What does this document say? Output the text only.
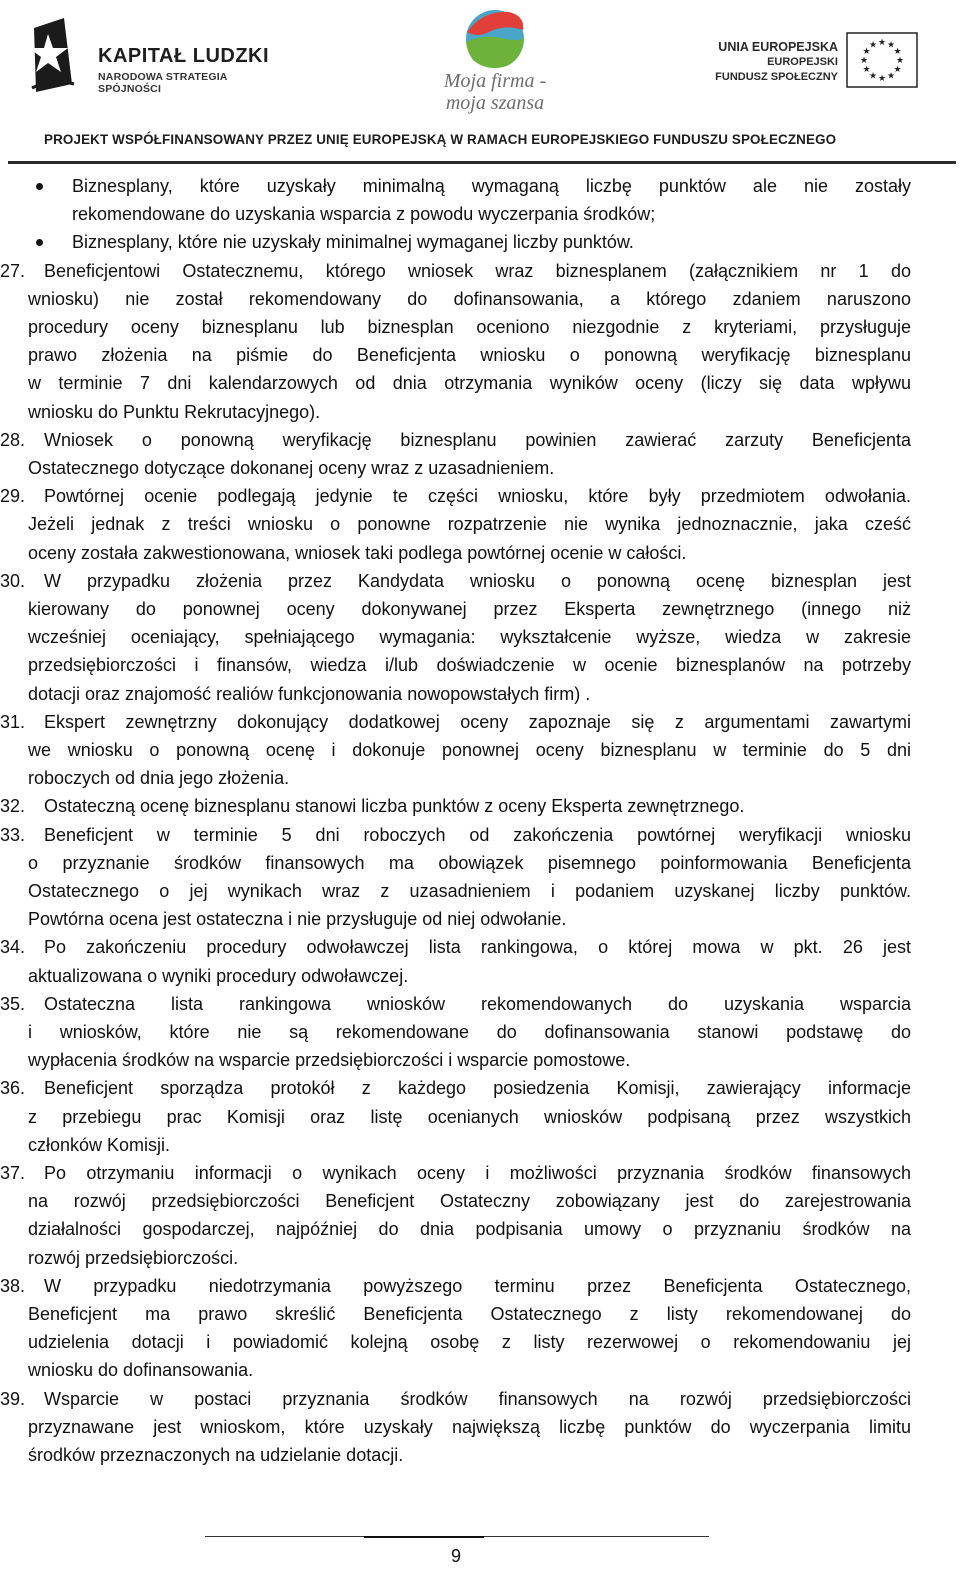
KAPITAŁ LUDZKI
NARODOWA STRATEGIA SPÓJNOŚCI	Moja firma -
moja szansa
UNIA EUROPEJSKA
EUROPEJSKI
FUNDUSZ SPOŁECZNY
★ ★
★
★
★
★
★
★
★
★
★
★
PROJEKT WSPÓŁFINANSOWANY PRZEZ UNIĘ EUROPEJSKĄ W RAMACH EUROPEJSKIEGO FUNDUSZU SPOŁECZNEGO
Biznesplany, które uzyskały minimalną wymaganą liczbę punktów ale nie zostały
rekomendowane do uzyskania wsparcia z powodu wyczerpania środków;
Biznesplany, które nie uzyskały minimalnej wymaganej liczby punktów.
27. Beneficjentowi Ostatecznemu, którego wniosek wraz biznesplanem (załącznikiem nr 1 do
wniosku) nie został rekomendowany do dofinansowania, a którego zdaniem naruszono
procedury oceny biznesplanu lub biznesplan oceniono niezgodnie z kryteriami, przysługuje
prawo złożenia na piśmie do Beneficjenta wniosku o ponowną weryfikację biznesplanu
w terminie 7 dni kalendarzowych od dnia otrzymania wyników oceny (liczy się data wpływu
wniosku do Punktu Rekrutacyjnego).
28. Wniosek o ponowną weryfikację biznesplanu powinien zawierać zarzuty Beneficjenta
Ostatecznego dotyczące dokonanej oceny wraz z uzasadnieniem.
29. Powtórnej ocenie podlegają jedynie te części wniosku, które były przedmiotem odwołania.
Jeżeli jednak z treści wniosku o ponowne rozpatrzenie nie wynika jednoznacznie, jaka cześć
oceny została zakwestionowana, wniosek taki podlega powtórnej ocenie w całości.
30. W przypadku złożenia przez Kandydata wniosku o ponowną ocenę biznesplan jest
kierowany do ponownej oceny dokonywanej przez Eksperta zewnętrznego (innego niż
wcześniej oceniający, spełniającego wymagania: wykształcenie wyższe, wiedza w zakresie
przedsiębiorczości i finansów, wiedza i/lub doświadczenie w ocenie biznesplanów na potrzeby
dotacji oraz znajomość realiów funkcjonowania nowopowstałych firm) .
31. Ekspert zewnętrzny dokonujący dodatkowej oceny zapoznaje się z argumentami zawartymi
we wniosku o ponowną ocenę i dokonuje ponownej oceny biznesplanu w terminie do 5 dni
roboczych od dnia jego złożenia.
32. Ostateczną ocenę biznesplanu stanowi liczba punktów z oceny Eksperta zewnętrznego.
33. Beneficjent w terminie 5 dni roboczych od zakończenia powtórnej weryfikacji wniosku
o przyznanie środków finansowych ma obowiązek pisemnego poinformowania Beneficjenta
Ostatecznego o jej wynikach wraz z uzasadnieniem i podaniem uzyskanej liczby punktów.
Powtórna ocena jest ostateczna i nie przysługuje od niej odwołanie.
34. Po zakończeniu procedury odwoławczej lista rankingowa, o której mowa w pkt. 26 jest
aktualizowana o wyniki procedury odwoławczej.
35. Ostateczna lista rankingowa wniosków rekomendowanych do uzyskania wsparcia
i wniosków, które nie są rekomendowane do dofinansowania stanowi podstawę do
wypłacenia środków na wsparcie przedsiębiorczości i wsparcie pomostowe.
36. Beneficjent sporządza protokół z każdego posiedzenia Komisji, zawierający informacje
z przebiegu prac Komisji oraz listę ocenianych wniosków podpisaną przez wszystkich
członków Komisji.
37. Po otrzymaniu informacji o wynikach oceny i możliwości przyznania środków finansowych
na rozwój przedsiębiorczości Beneficjent Ostateczny zobowiązany jest do zarejestrowania
działalności gospodarczej, najpóźniej do dnia podpisania umowy o przyznaniu środków na
rozwój przedsiębiorczości.
38. W przypadku niedotrzymania powyższego terminu przez Beneficjenta Ostatecznego,
Beneficjent ma prawo skreślić Beneficjenta Ostatecznego z listy rekomendowanej do
udzielenia dotacji i powiadomić kolejną osobę z listy rezerwowej o rekomendowaniu jej
wniosku do dofinansowania.
39. Wsparcie w postaci przyznania środków finansowych na rozwój przedsiębiorczości
przyznawane jest wnioskom, które uzyskały największą liczbę punktów do wyczerpania limitu
środków przeznaczonych na udzielanie dotacji.
9
